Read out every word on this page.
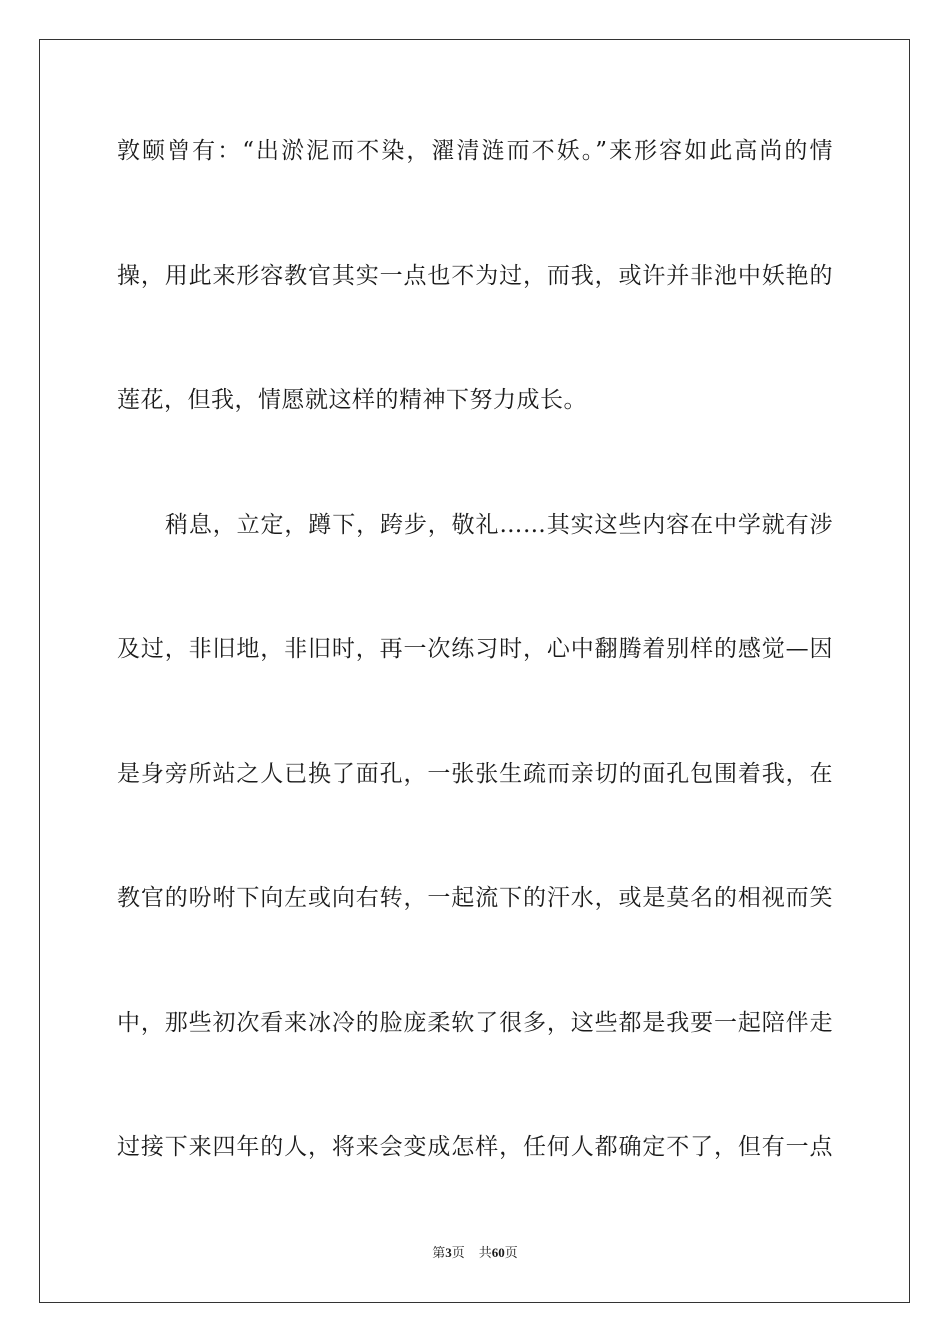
敦颐曾有：“出淤泥而不染，濯清涟而不妖。”来形容如此高尚的情
操，用此来形容教官其实一点也不为过，而我，或许并非池中妖艳的
莲花，但我，情愿就这样的精神下努力成长。
稍息，立定，蹲下，跨步，敬礼……其实这些内容在中学就有涉
及过，非旧地，非旧时，再一次练习时，心中翻腾着别样的感觉—因
是身旁所站之人已换了面孔，一张张生疏而亲切的面孔包围着我，在
教官的吩咐下向左或向右转，一起流下的汗水，或是莫名的相视而笑
中，那些初次看来冰冷的脸庞柔软了很多，这些都是我要一起陪伴走
过接下来四年的人，将来会变成怎样，任何人都确定不了，但有一点
第3页 共60页
